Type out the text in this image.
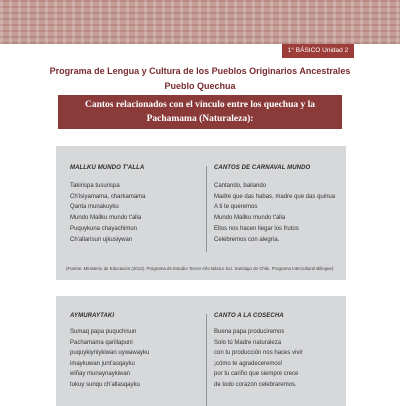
1° BÁSICO Unidad 2
Programa de Lengua y Cultura de los Pueblos Originarios Ancestrales
Pueblo Quechua
Cantos relacionados con el vínculo entre los quechua y la
Pachamama (Naturaleza):
MALLKU MUNDO T'ALLA
Takirispa tusurispa
Ch'isiyamama, charkamama
Qanta munakuyku
Mundo Mallku mundo t'alla
Puquykuna chayachimun
Ch'allarisun ujkusiywan
CANTOS DE CARNAVAL MUNDO
Cantando, bailando
Madre que das habas, madre que das quinua
A ti te queremos
Mundo Mallku mundo t'alla
Ellos nos hacen llegar los frutos
Celebremos con alegría.
(Fuente: Ministerio de Educación (2012). Programa de Estudio Tercer Año Básico SLI. Santiago de Chile. Programa Intercultural Bilingüe)
AYMURAYTAKI
Sumaq papa puquchisun
Pachamama qarillapuni
puquykiyniykiwan uywawayku
imaykuwan junt'asqayku
wiñay munaynaykiwan
tukuy sunqu ch'allasqayku
CANTO A LA COSECHA
Buena papa produciremos
Solo tú Madre naturaleza
con tu producción nos haces vivir
¡cómo te agradeceremos!
por tu cariño que siempre crece
de todo corazón celebraremos.
